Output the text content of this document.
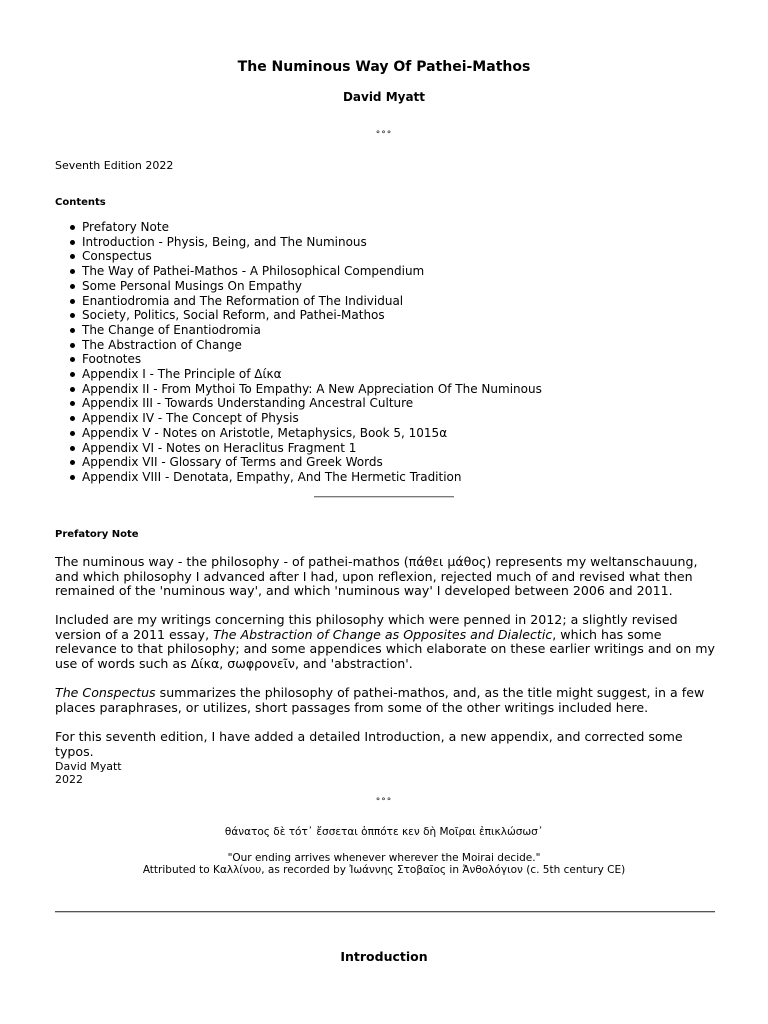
The Numinous Way Of Pathei-Mathos
David Myatt
°°°
Seventh Edition 2022
Contents
Prefatory Note
Introduction - Physis, Being, and The Numinous
Conspectus
The Way of Pathei-Mathos - A Philosophical Compendium
Some Personal Musings On Empathy
Enantiodromia and The Reformation of The Individual
Society, Politics, Social Reform, and Pathei-Mathos
The Change of Enantiodromia
The Abstraction of Change
Footnotes
Appendix I - The Principle of Δίκα
Appendix II - From Mythoi To Empathy: A New Appreciation Of The Numinous
Appendix III - Towards Understanding Ancestral Culture
Appendix IV - The Concept of Physis
Appendix V - Notes on Aristotle, Metaphysics, Book 5, 1015α
Appendix VI - Notes on Heraclitus Fragment 1
Appendix VII - Glossary of Terms and Greek Words
Appendix VIII - Denotata, Empathy, And The Hermetic Tradition
Prefatory Note

The numinous way - the philosophy - of pathei-mathos (πάθει μάθος) represents my weltanschauung, and which philosophy I advanced after I had, upon reflexion, rejected much of and revised what then remained of the 'numinous way', and which 'numinous way' I developed between 2006 and 2011.

Included are my writings concerning this philosophy which were penned in 2012; a slightly revised version of a 2011 essay, The Abstraction of Change as Opposites and Dialectic, which has some relevance to that philosophy; and some appendices which elaborate on these earlier writings and on my use of words such as Δίκα, σωφρονεῖν, and 'abstraction'.

The Conspectus summarizes the philosophy of pathei-mathos, and, as the title might suggest, in a few places paraphrases, or utilizes, short passages from some of the other writings included here.

For this seventh edition, I have added a detailed Introduction, a new appendix, and corrected some typos.

David Myatt
2022
°°°
θάνατος δὲ τότ᾽ ἔσσεται ὁππότε κεν δὴ Μοῖραι ἐπικλώσωσ᾽
"Our ending arrives whenever wherever the Moirai decide."
Attributed to Καλλίνου, as recorded by Ἰωάννης Στοβαῖος in Ἀνθολόγιον (c. 5th century CE)
Introduction
